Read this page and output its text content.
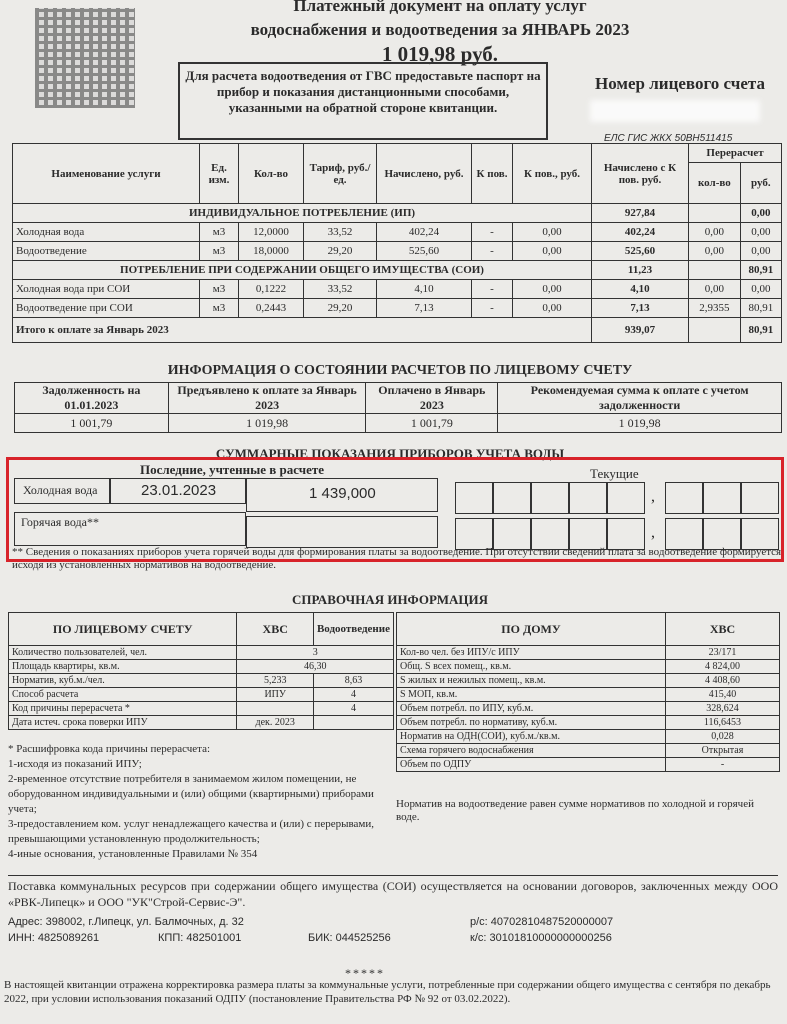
Платежный документ на оплату услуг
водоснабжения и водоотведения за ЯНВАРЬ 2023
1 019,98 руб.
Для расчета водоотведения от ГВС предоставьте паспорт на прибор и показания дистанционными способами, указанными на обратной стороне квитанции.
Номер лицевого счета
ЕЛС ГИС ЖКХ 50ВН511415
Наименование услуги	Ед. изм.	Кол-во	Тариф, руб./ед.	Начислено, руб.	К пов.	К пов., руб.	Начислено с К пов. руб.	Перерасчет	
								кол-во	руб.
ИНДИВИДУАЛЬНОЕ ПОТРЕБЛЕНИЕ (ИП)							927,84		0,00
Холодная вода	м3	12,0000	33,52	402,24	-	0,00	402,24	0,00	0,00
Водоотведение	м3	18,0000	29,20	525,60	-	0,00	525,60	0,00	0,00
ПОТРЕБЛЕНИЕ ПРИ СОДЕРЖАНИИ ОБЩЕГО ИМУЩЕСТВА (СОИ)							11,23		80,91
Холодная вода при СОИ	м3	0,1222	33,52	4,10	-	0,00	4,10	0,00	0,00
Водоотведение при СОИ	м3	0,2443	29,20	7,13	-	0,00	7,13	2,9355	80,91
Итого к оплате за Январь 2023							939,07		80,91
ИНФОРМАЦИЯ О СОСТОЯНИИ РАСЧЕТОВ ПО ЛИЦЕВОМУ СЧЕТУ
Задолженность на 01.01.2023	Предъявлено к оплате за Январь 2023	Оплачено в Январь 2023	Рекомендуемая сумма к оплате с учетом задолженности
1 001,79	1 019,98	1 001,79	1 019,98
СУММАРНЫЕ ПОКАЗАНИЯ ПРИБОРОВ УЧЕТА ВОДЫ
Последние, учтенные в расчете	Текущие
Холодная вода	23.01.2023	1 439,000
Горячая вода**
,
,
** Сведения о показаниях приборов учета горячей воды для формирования платы за водоотведение. При отсутствии сведений плата за водоотведение формируется исходя из установленных нормативов на водоотведение.
СПРАВОЧНАЯ ИНФОРМАЦИЯ
ПО ЛИЦЕВОМУ СЧЕТУ	ХВС	Водоотведение
Количество пользователей, чел.	3	
Площадь квартиры, кв.м.	46,30	
Норматив, куб.м./чел.	5,233	8,63
Способ расчета	ИПУ	4
Код причины перерасчета *		4
Дата истеч. срока поверки ИПУ	дек. 2023	
ПО ДОМУ	ХВС
Кол-во чел. без ИПУ/с ИПУ	23/171
Общ. S всех помещ., кв.м.	4 824,00
S жилых и нежилых помещ., кв.м.	4 408,60
S МОП, кв.м.	415,40
Объем потребл. по ИПУ, куб.м.	328,624
Объем потребл. по нормативу, куб.м.	116,6453
Норматив на ОДН(СОИ), куб.м./кв.м.	0,028
Схема горячего водоснабжения	Открытая
Объем по ОДПУ	-
* Расшифровка кода причины перерасчета:
1-исходя из показаний ИПУ;
2-временное отсутствие потребителя в занимаемом жилом помещении, не оборудованном индивидуальными и (или) общими (квартирными) приборами учета;
3-предоставлением ком. услуг ненадлежащего качества и (или) с перерывами, превышающими установленную продолжительность;
4-иные основания, установленные Правилами № 354
Норматив на водоотведение равен сумме нормативов по холодной и горячей воде.
Поставка коммунальных ресурсов при содержании общего имущества (СОИ) осуществляется на основании договоров, заключенных между ООО «РВК-Липецк» и ООО "УК"Строй-Сервис-Э".
Адрес: 398002, г.Липецк, ул. Балмочных, д. 32
ИНН: 4825089261	КПП: 482501001	БИК: 044525256
р/с: 40702810487520000007
к/с: 30101810000000000256
*****
В настоящей квитанции отражена корректировка размера платы за коммунальные услуги, потребленные при содержании общего имущества с сентября по декабрь 2022, при условии использования показаний ОДПУ (постановление Правительства РФ № 92 от 03.02.2022).
